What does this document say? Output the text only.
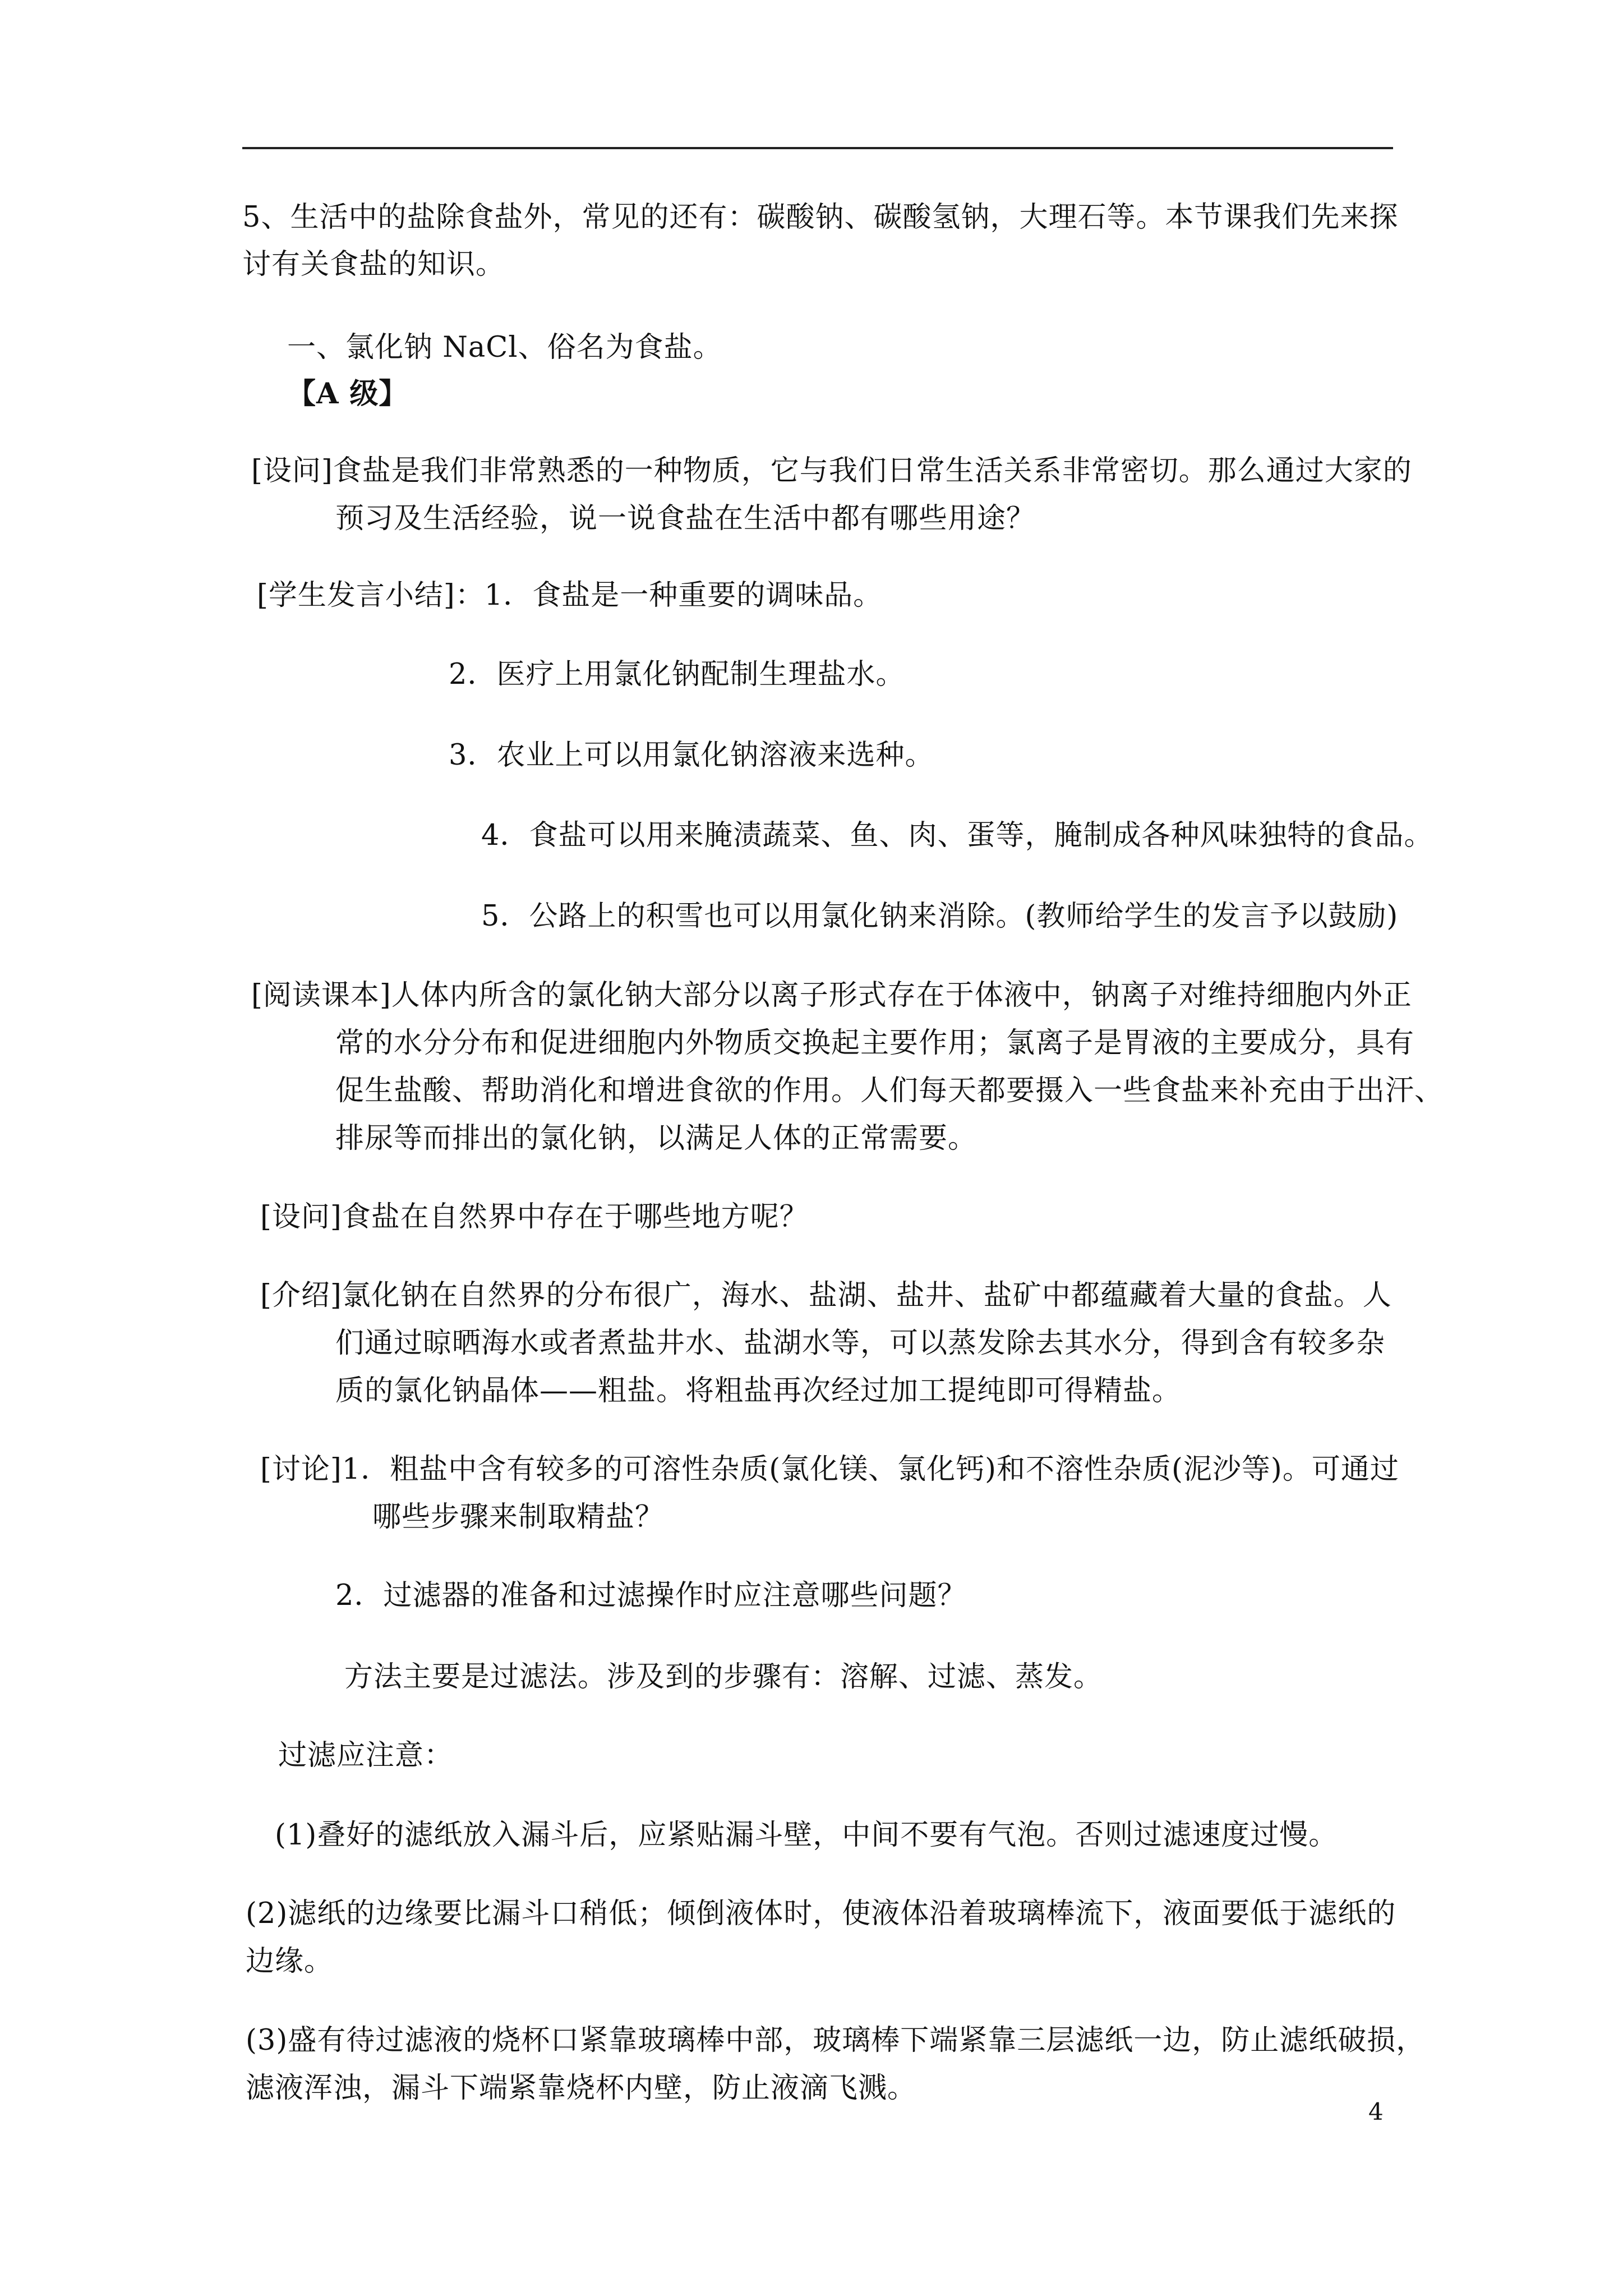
5、生活中的盐除食盐外，常见的还有：碳酸钠、碳酸氢钠，大理石等。本节课我们先来探
讨有关食盐的知识。
一、氯化钠 NaCl、俗名为食盐。
【A 级】
[设问]食盐是我们非常熟悉的一种物质，它与我们日常生活关系非常密切。那么通过大家的
预习及生活经验，说一说食盐在生活中都有哪些用途？
[学生发言小结]：1．食盐是一种重要的调味品。
2．医疗上用氯化钠配制生理盐水。
3．农业上可以用氯化钠溶液来选种。
4．食盐可以用来腌渍蔬菜、鱼、肉、蛋等，腌制成各种风味独特的食品。
5．公路上的积雪也可以用氯化钠来消除。(教师给学生的发言予以鼓励)
[阅读课本]人体内所含的氯化钠大部分以离子形式存在于体液中，钠离子对维持细胞内外正
常的水分分布和促进细胞内外物质交换起主要作用；氯离子是胃液的主要成分，具有
促生盐酸、帮助消化和增进食欲的作用。人们每天都要摄入一些食盐来补充由于出汗、
排尿等而排出的氯化钠，以满足人体的正常需要。
[设问]食盐在自然界中存在于哪些地方呢？
[介绍]氯化钠在自然界的分布很广，海水、盐湖、盐井、盐矿中都蕴藏着大量的食盐。人
们通过晾晒海水或者煮盐井水、盐湖水等，可以蒸发除去其水分，得到含有较多杂
质的氯化钠晶体——粗盐。将粗盐再次经过加工提纯即可得精盐。
[讨论]1．粗盐中含有较多的可溶性杂质(氯化镁、氯化钙)和不溶性杂质(泥沙等)。可通过
哪些步骤来制取精盐？
2．过滤器的准备和过滤操作时应注意哪些问题？
方法主要是过滤法。涉及到的步骤有：溶解、过滤、蒸发。
过滤应注意：
(1)叠好的滤纸放入漏斗后，应紧贴漏斗壁，中间不要有气泡。否则过滤速度过慢。
(2)滤纸的边缘要比漏斗口稍低；倾倒液体时，使液体沿着玻璃棒流下，液面要低于滤纸的
边缘。
(3)盛有待过滤液的烧杯口紧靠玻璃棒中部，玻璃棒下端紧靠三层滤纸一边，防止滤纸破损，
滤液浑浊，漏斗下端紧靠烧杯内壁，防止液滴飞溅。
4
